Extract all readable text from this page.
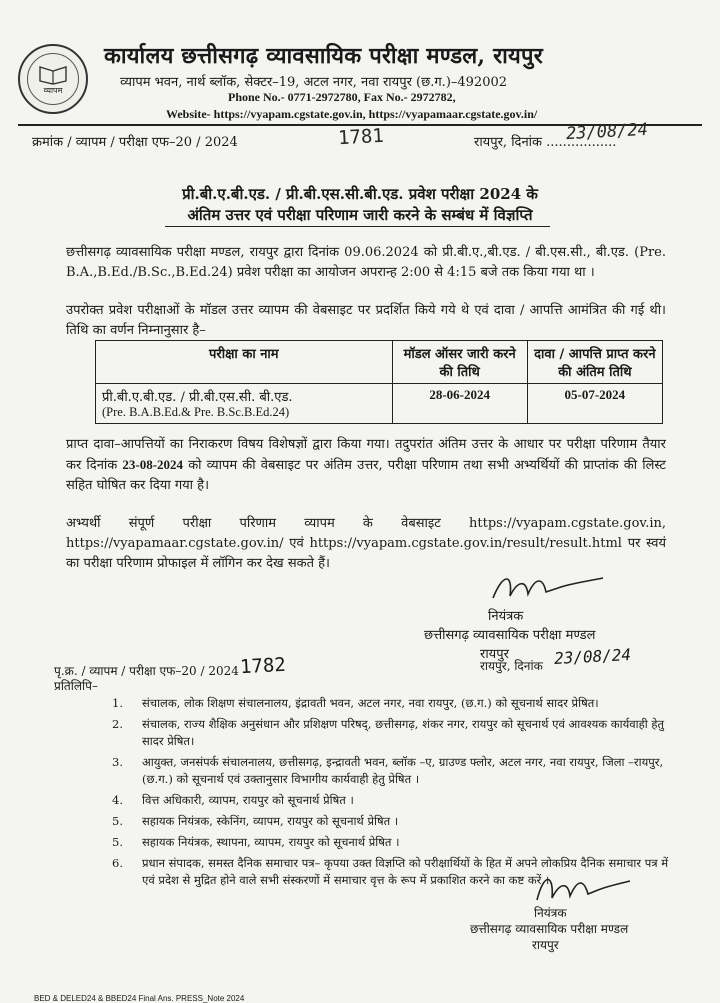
व्यापम
कार्यालय छत्तीसगढ़ व्यावसायिक परीक्षा मण्डल, रायपुर
व्यापम भवन, नार्थ ब्लॉक, सेक्टर–19, अटल नगर, नवा रायपुर (छ.ग.)–492002
Phone No.- 0771-2972780, Fax No.- 2972782,
Website- https://vyapam.cgstate.gov.in, https://vyapamaar.cgstate.gov.in/
क्रमांक / व्यापम / परीक्षा एफ–20 / 2024	1781	रायपुर, दिनांक .................
23/08/24
प्री.बी.ए.बी.एड. / प्री.बी.एस.सी.बी.एड. प्रवेश परीक्षा 2024 के
अंतिम उत्तर एवं परीक्षा परिणाम जारी करने के सम्बंध में विज्ञप्ति
छत्तीसगढ़ व्यावसायिक परीक्षा मण्डल, रायपुर द्वारा दिनांक 09.06.2024 को प्री.बी.ए.,बी.एड. / बी.एस.सी., बी.एड. (Pre. B.A.,B.Ed./B.Sc.,B.Ed.24) प्रवेश परीक्षा का आयोजन अपरान्ह 2:00 से 4:15 बजे तक किया गया था ।
उपरोक्त प्रवेश परीक्षाओं के मॉडल उत्तर व्यापम की वेबसाइट पर प्रदर्शित किये गये थे एवं दावा / आपत्ति आमंत्रित की गई थी। तिथि का वर्णन निम्नानुसार है–
परीक्षा का नाम	मॉडल ऑसर जारी करने की तिथि	दावा / आपत्ति प्राप्त करने की अंतिम तिथि

प्री.बी.ए.बी.एड. / प्री.बी.एस.सी. बी.एड.
(Pre. B.A.B.Ed.& Pre. B.Sc.B.Ed.24)	28-06-2024	05-07-2024
प्राप्त दावा–आपत्तियों का निराकरण विषय विशेषज्ञों द्वारा किया गया। तदुपरांत अंतिम उत्तर के आधार पर परीक्षा परिणाम तैयार कर दिनांक 23-08-2024 को व्यापम की वेबसाइट पर अंतिम उत्तर, परीक्षा परिणाम तथा सभी अभ्यर्थियों की प्राप्तांक की लिस्ट सहित घोषित कर दिया गया है।
अभ्यर्थी संपूर्ण परीक्षा परिणाम व्यापम के वेबसाइट https://vyapam.cgstate.gov.in, https://vyapamaar.cgstate.gov.in/ एवं https://vyapam.cgstate.gov.in/result/result.html पर स्वयं का परीक्षा परिणाम प्रोफाइल में लॉगिन कर देख सकते हैं।
नियंत्रक
छत्तीसगढ़ व्यावसायिक परीक्षा मण्डल
रायपुर
रायपुर, दिनांक 23/08/24
पृ.क्र. / व्यापम / परीक्षा एफ–20 / 2024 1782
प्रतिलिपि–
1.	संचालक, लोक शिक्षण संचालनालय, इंद्रावती भवन, अटल नगर, नवा रायपुर, (छ.ग.) को सूचनार्थ सादर प्रेषित।
2.	संचालक, राज्य शैक्षिक अनुसंधान और प्रशिक्षण परिषद्, छत्तीसगढ़, शंकर नगर, रायपुर को सूचनार्थ एवं आवश्यक कार्यवाही हेतु सादर प्रेषित।
3.	आयुक्त, जनसंपर्क संचालनालय, छत्तीसगढ़, इन्द्रावती भवन, ब्लॉक –ए, ग्राउण्ड फ्लोर, अटल नगर, नवा रायपुर, जिला –रायपुर, (छ.ग.) को सूचनार्थ एवं उक्तानुसार विभागीय कार्यवाही हेतु प्रेषित ।
4.	वित्त अधिकारी, व्यापम, रायपुर को सूचनार्थ प्रेषित ।
5.	सहायक नियंत्रक, स्केनिंग, व्यापम, रायपुर को सूचनार्थ प्रेषित ।
5.	सहायक नियंत्रक, स्थापना, व्यापम, रायपुर को सूचनार्थ प्रेषित ।
6.	प्रधान संपादक, समस्त दैनिक समाचार पत्र– कृपया उक्त विज्ञप्ति को परीक्षार्थियों के हित में अपने लोकप्रिय दैनिक समाचार पत्र में एवं प्रदेश से मुद्रित होने वाले सभी संस्करणों में समाचार वृत्त के रूप में प्रकाशित करने का कष्ट करें ।
नियंत्रक
छत्तीसगढ़ व्यावसायिक परीक्षा मण्डल
रायपुर
BED & DELED24 & BBED24 Final Ans. PRESS_Note 2024
